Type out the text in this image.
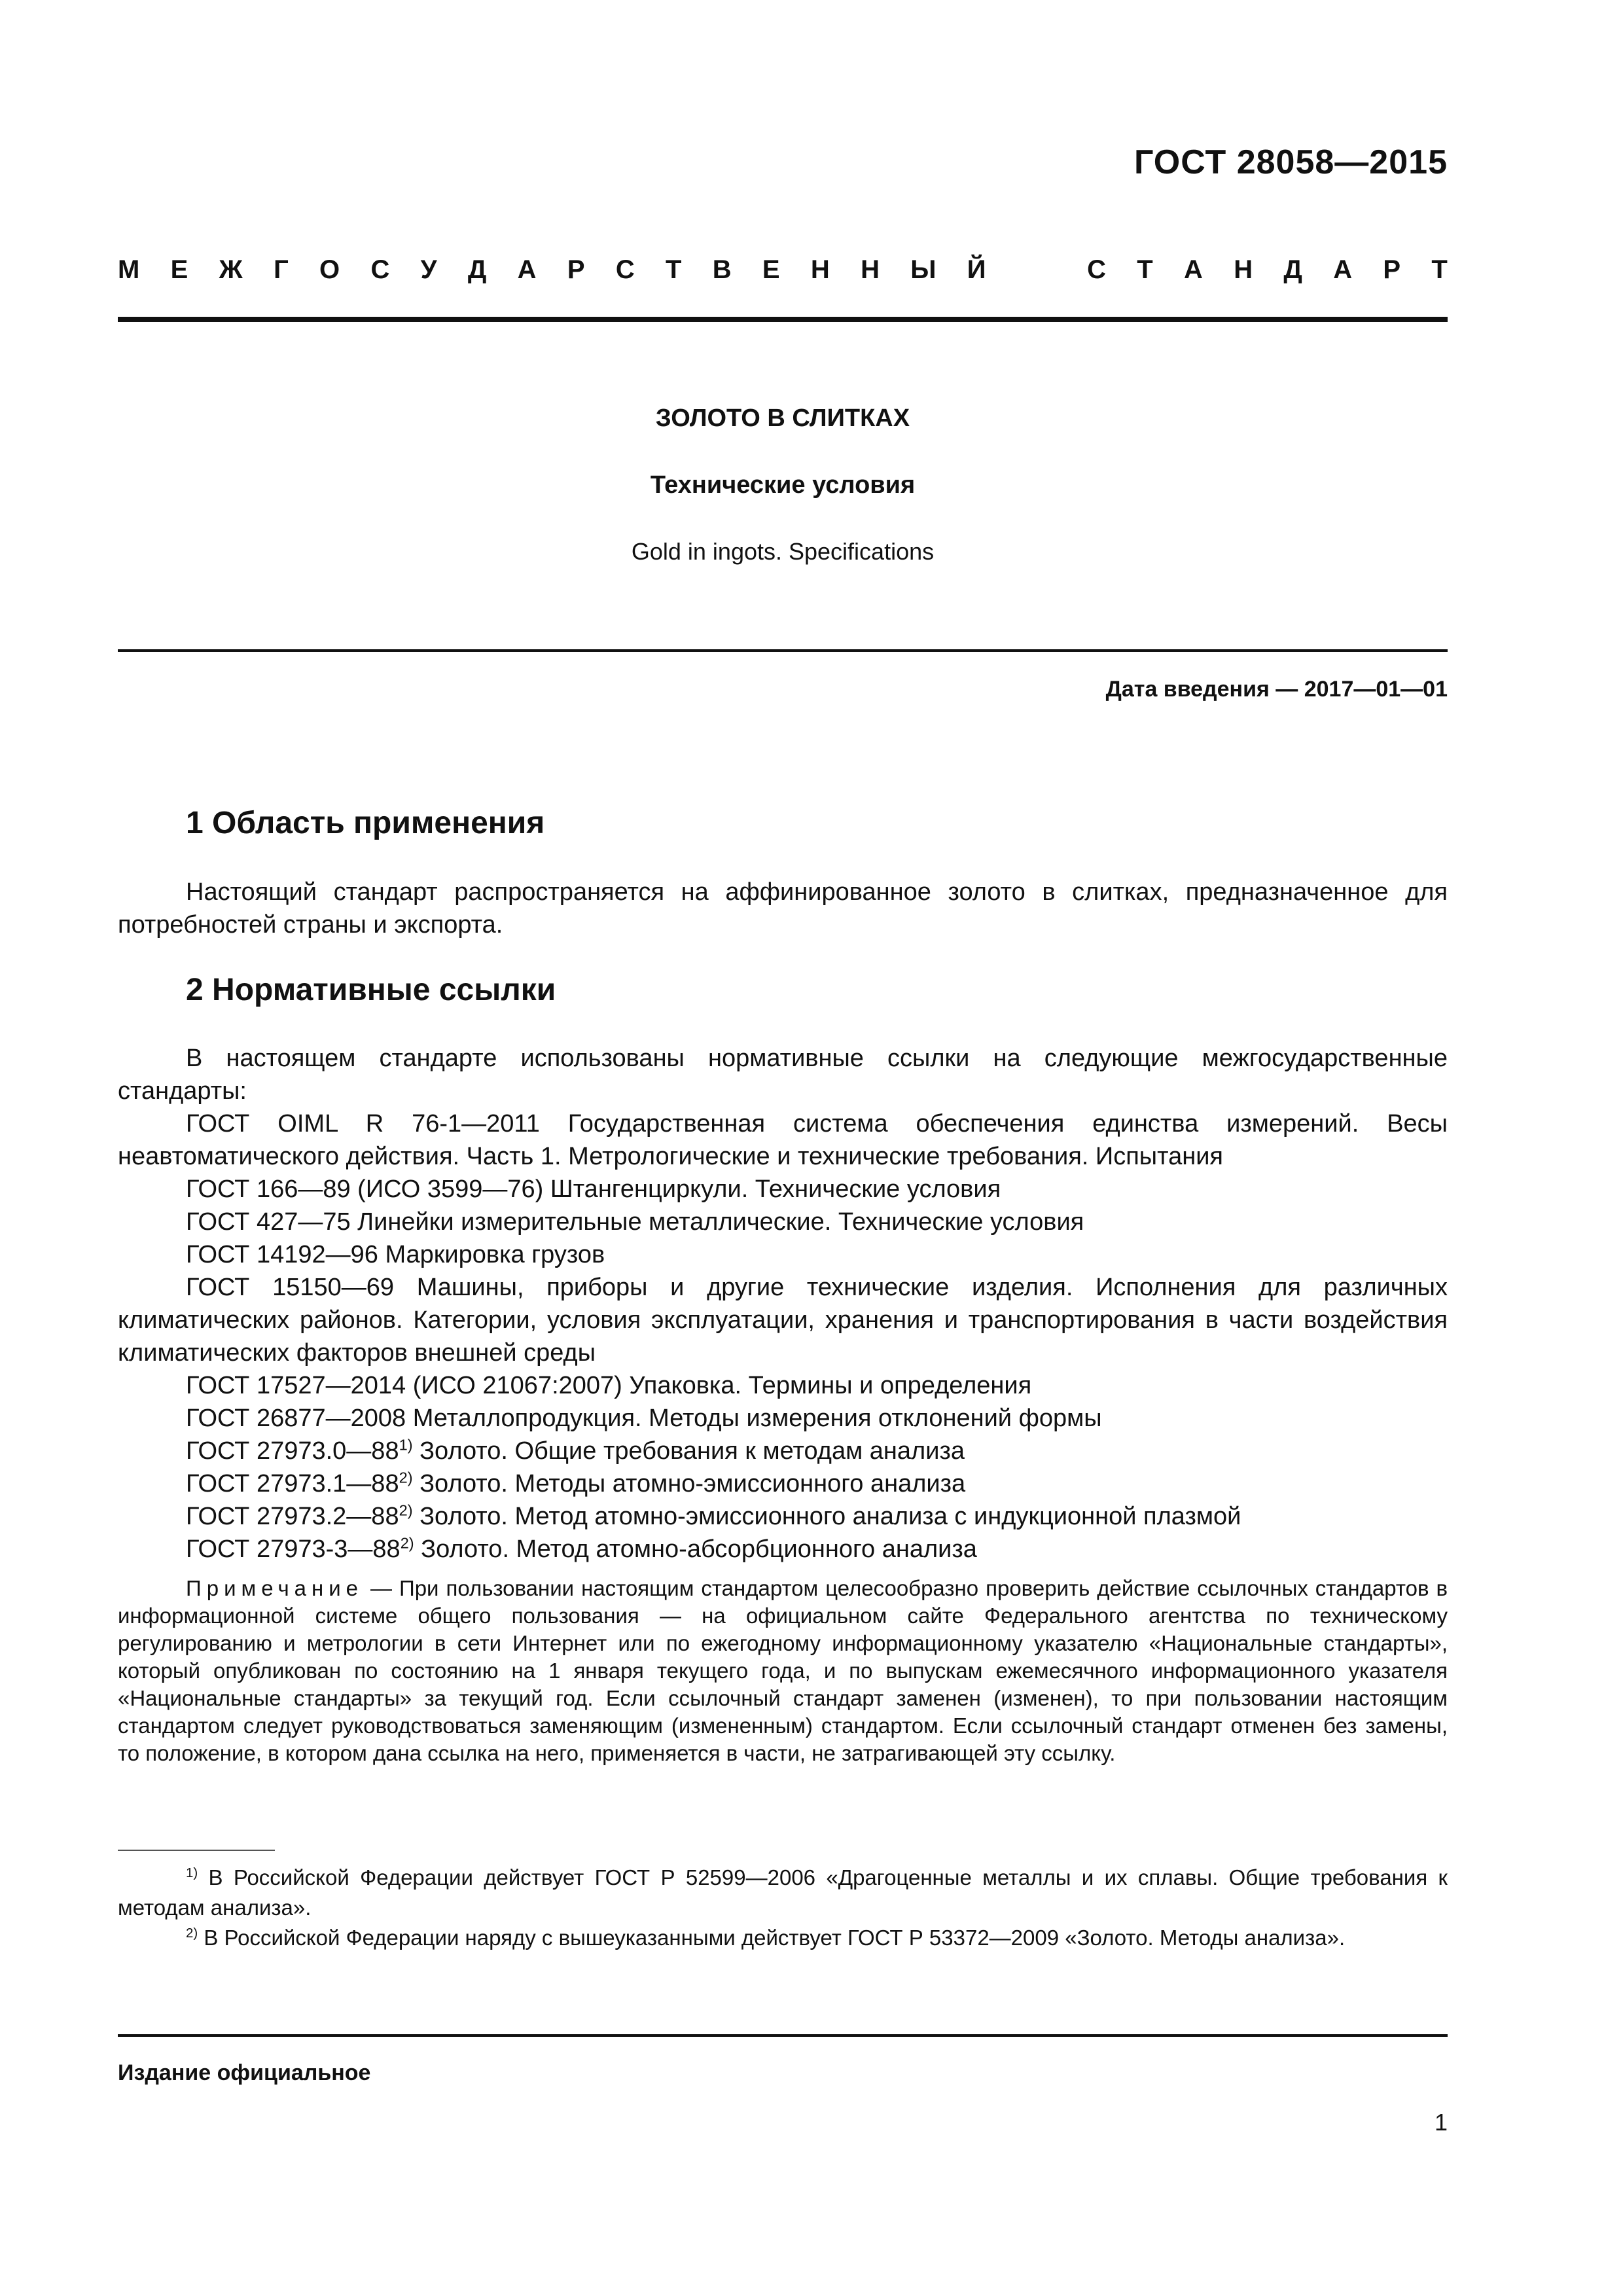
ГОСТ 28058—2015
М Е Ж Г О С У Д А Р С Т В Е Н Н Ы Й	С Т А Н Д А Р Т
ЗОЛОТО В СЛИТКАХ
Технические условия
Gold in ingots. Specifications
Дата введения — 2017—01—01
1 Область применения

Настоящий стандарт распространяется на аффинированное золото в слитках, предназначенное для потребностей страны и экспорта.

2 Нормативные ссылки

В настоящем стандарте использованы нормативные ссылки на следующие межгосударственные стандарты:

ГОСТ OIML R 76-1—2011 Государственная система обеспечения единства измерений. Весы неавтоматического действия. Часть 1. Метрологические и технические требования. Испытания

ГОСТ 166—89 (ИСО 3599—76) Штангенциркули. Технические условия

ГОСТ 427—75 Линейки измерительные металлические. Технические условия

ГОСТ 14192—96 Маркировка грузов

ГОСТ 15150—69 Машины, приборы и другие технические изделия. Исполнения для различных климатических районов. Категории, условия эксплуатации, хранения и транспортирования в части воздействия климатических факторов внешней среды

ГОСТ 17527—2014 (ИСО 21067:2007) Упаковка. Термины и определения

ГОСТ 26877—2008 Металлопродукция. Методы измерения отклонений формы

ГОСТ 27973.0—88$^{1)}$ Золото. Общие требования к методам анализа

ГОСТ 27973.1—88$^{2)}$ Золото. Методы атомно-эмиссионного анализа

ГОСТ 27973.2—88$^{2)}$ Золото. Метод атомно-эмиссионного анализа с индукционной плазмой

ГОСТ 27973-3—88$^{2)}$ Золото. Метод атомно-абсорбционного анализа

Примечание — При пользовании настоящим стандартом целесообразно проверить действие ссылочных стандартов в информационной системе общего пользования — на официальном сайте Федерального агентства по техническому регулированию и метрологии в сети Интернет или по ежегодному информационному указателю «Национальные стандарты», который опубликован по состоянию на 1 января текущего года, и по выпускам ежемесячного информационного указателя «Национальные стандарты» за текущий год. Если ссылочный стандарт заменен (изменен), то при пользовании настоящим стандартом следует руководствоваться заменяющим (измененным) стандартом. Если ссылочный стандарт отменен без замены, то положение, в котором дана ссылка на него, применяется в части, не затрагивающей эту ссылку.

$^{1)}$ В Российской Федерации действует ГОСТ Р 52599—2006 «Драгоценные металлы и их сплавы. Общие требования к методам анализа».

$^{2)}$ В Российской Федерации наряду с вышеуказанными действует ГОСТ Р 53372—2009 «Золото. Методы анализа».

Издание официальное
1
